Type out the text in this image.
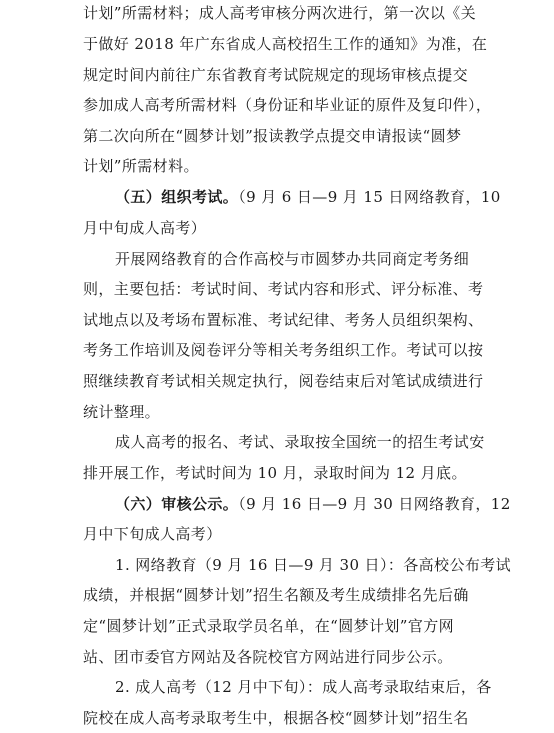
计划”所需材料；成人高考审核分两次进行，第一次以《关
于做好 2018 年广东省成人高校招生工作的通知》为准，在
规定时间内前往广东省教育考试院规定的现场审核点提交
参加成人高考所需材料（身份证和毕业证的原件及复印件），
第二次向所在“圆梦计划”报读教学点提交申请报读“圆梦
计划”所需材料。
（五）组织考试。（9 月 6 日—9 月 15 日网络教育，10
月中旬成人高考）
开展网络教育的合作高校与市圆梦办共同商定考务细
则，主要包括：考试时间、考试内容和形式、评分标准、考
试地点以及考场布置标准、考试纪律、考务人员组织架构、
考务工作培训及阅卷评分等相关考务组织工作。考试可以按
照继续教育考试相关规定执行，阅卷结束后对笔试成绩进行
统计整理。
成人高考的报名、考试、录取按全国统一的招生考试安
排开展工作，考试时间为 10 月，录取时间为 12 月底。
（六）审核公示。（9 月 16 日—9 月 30 日网络教育，12
月中下旬成人高考）
1. 网络教育（9 月 16 日—9 月 30 日）：各高校公布考试
成绩，并根据“圆梦计划”招生名额及考生成绩排名先后确
定“圆梦计划”正式录取学员名单，在“圆梦计划”官方网
站、团市委官方网站及各院校官方网站进行同步公示。
2. 成人高考（12 月中下旬）：成人高考录取结束后，各
院校在成人高考录取考生中，根据各校“圆梦计划”招生名
